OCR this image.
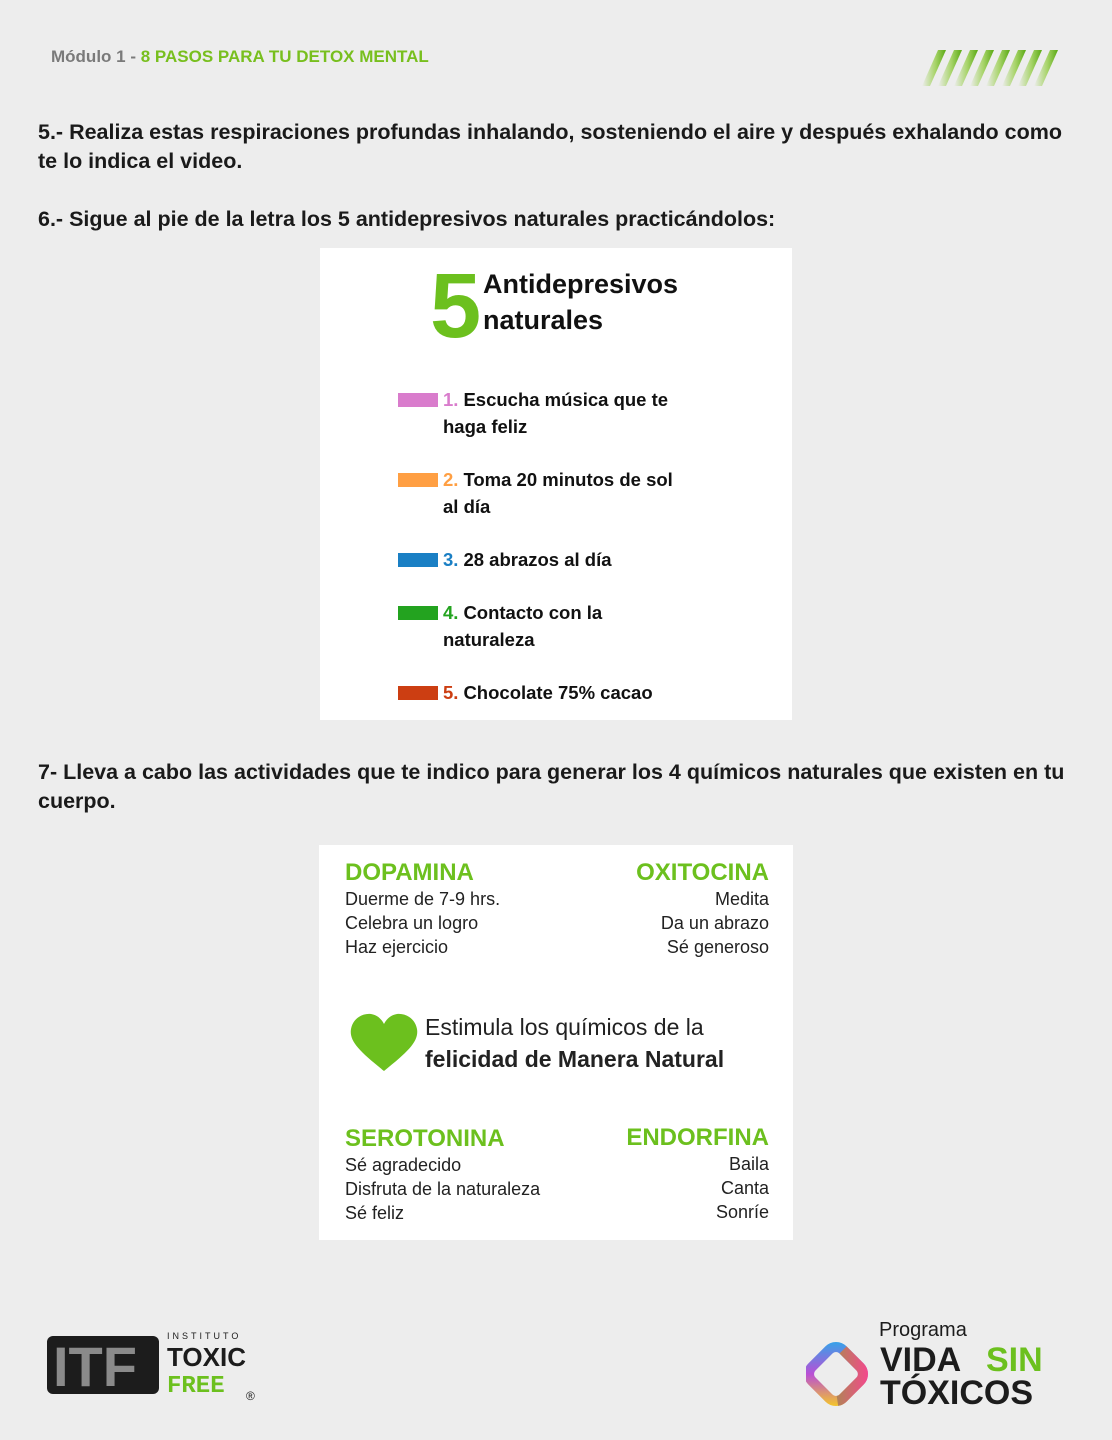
Módulo 1 - 8 PASOS PARA TU DETOX MENTAL
5.- Realiza estas respiraciones profundas inhalando, sosteniendo el aire y después exhalando como te lo indica el video.
6.- Sigue al pie de la letra los 5 antidepresivos naturales practicándolos:
5 Antidepresivos
naturales
1. Escucha música que te haga feliz
2. Toma 20 minutos de sol al día
3. 28 abrazos al día
4. Contacto con la naturaleza
5. Chocolate 75% cacao
7- Lleva a cabo las actividades que te indico para generar los 4 químicos naturales que existen en tu cuerpo.
DOPAMINA
Duerme de 7-9 hrs.
Celebra un logro
Haz ejercicio
OXITOCINA
Medita
Da un abrazo
Sé generoso
Estimula los químicos de la
felicidad de Manera Natural
SEROTONINA
Sé agradecido
Disfruta de la naturaleza
Sé feliz
ENDORFINA
Baila
Canta
Sonríe
ITF	INSTITUTO
TOXIC
FREE ®
Programa
VIDA SIN
TÓXICOS
